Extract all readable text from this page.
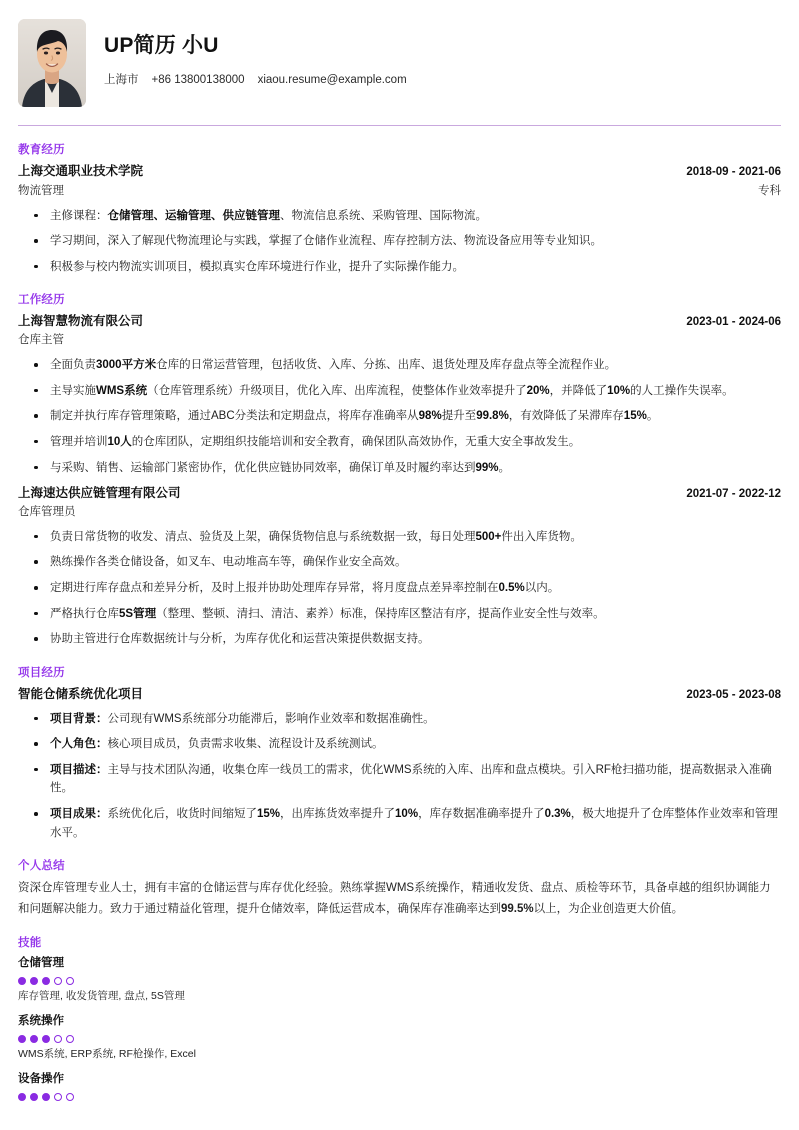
UP简历 小U
上海市 +86 13800138000 xiaou.resume@example.com
教育经历
上海交通职业技术学院	2018-09 - 2021-06
物流管理	专科
主修课程：仓储管理、运输管理、供应链管理、物流信息系统、采购管理、国际物流。
学习期间，深入了解现代物流理论与实践，掌握了仓储作业流程、库存控制方法、物流设备应用等专业知识。
积极参与校内物流实训项目，模拟真实仓库环境进行作业，提升了实际操作能力。
工作经历
上海智慧物流有限公司	2023-01 - 2024-06
仓库主管
全面负责3000平方米仓库的日常运营管理，包括收货、入库、分拣、出库、退货处理及库存盘点等全流程作业。
主导实施WMS系统（仓库管理系统）升级项目，优化入库、出库流程，使整体作业效率提升了20%，并降低了10%的人工操作失误率。
制定并执行库存管理策略，通过ABC分类法和定期盘点，将库存准确率从98%提升至99.8%，有效降低了呆滞库存15%。
管理并培训10人的仓库团队，定期组织技能培训和安全教育，确保团队高效协作，无重大安全事故发生。
与采购、销售、运输部门紧密协作，优化供应链协同效率，确保订单及时履约率达到99%。
上海速达供应链管理有限公司	2021-07 - 2022-12
仓库管理员
负责日常货物的收发、清点、验货及上架，确保货物信息与系统数据一致，每日处理500+件出入库货物。
熟练操作各类仓储设备，如叉车、电动堆高车等，确保作业安全高效。
定期进行库存盘点和差异分析，及时上报并协助处理库存异常，将月度盘点差异率控制在0.5%以内。
严格执行仓库5S管理（整理、整顿、清扫、清洁、素养）标准，保持库区整洁有序，提高作业安全性与效率。
协助主管进行仓库数据统计与分析，为库存优化和运营决策提供数据支持。
项目经历
智能仓储系统优化项目	2023-05 - 2023-08
项目背景：公司现有WMS系统部分功能滞后，影响作业效率和数据准确性。
个人角色：核心项目成员，负责需求收集、流程设计及系统测试。
项目描述：主导与技术团队沟通，收集仓库一线员工的需求，优化WMS系统的入库、出库和盘点模块。引入RF枪扫描功能，提高数据录入准确性。
项目成果：系统优化后，收货时间缩短了15%，出库拣货效率提升了10%，库存数据准确率提升了0.3%，极大地提升了仓库整体作业效率和管理水平。
个人总结
资深仓库管理专业人士，拥有丰富的仓储运营与库存优化经验。熟练掌握WMS系统操作，精通收发货、盘点、质检等环节，具备卓越的组织协调能力和问题解决能力。致力于通过精益化管理，提升仓储效率，降低运营成本，确保库存准确率达到99.5%以上，为企业创造更大价值。
技能
仓储管理
库存管理, 收发货管理, 盘点, 5S管理
系统操作
WMS系统, ERP系统, RF枪操作, Excel
设备操作
